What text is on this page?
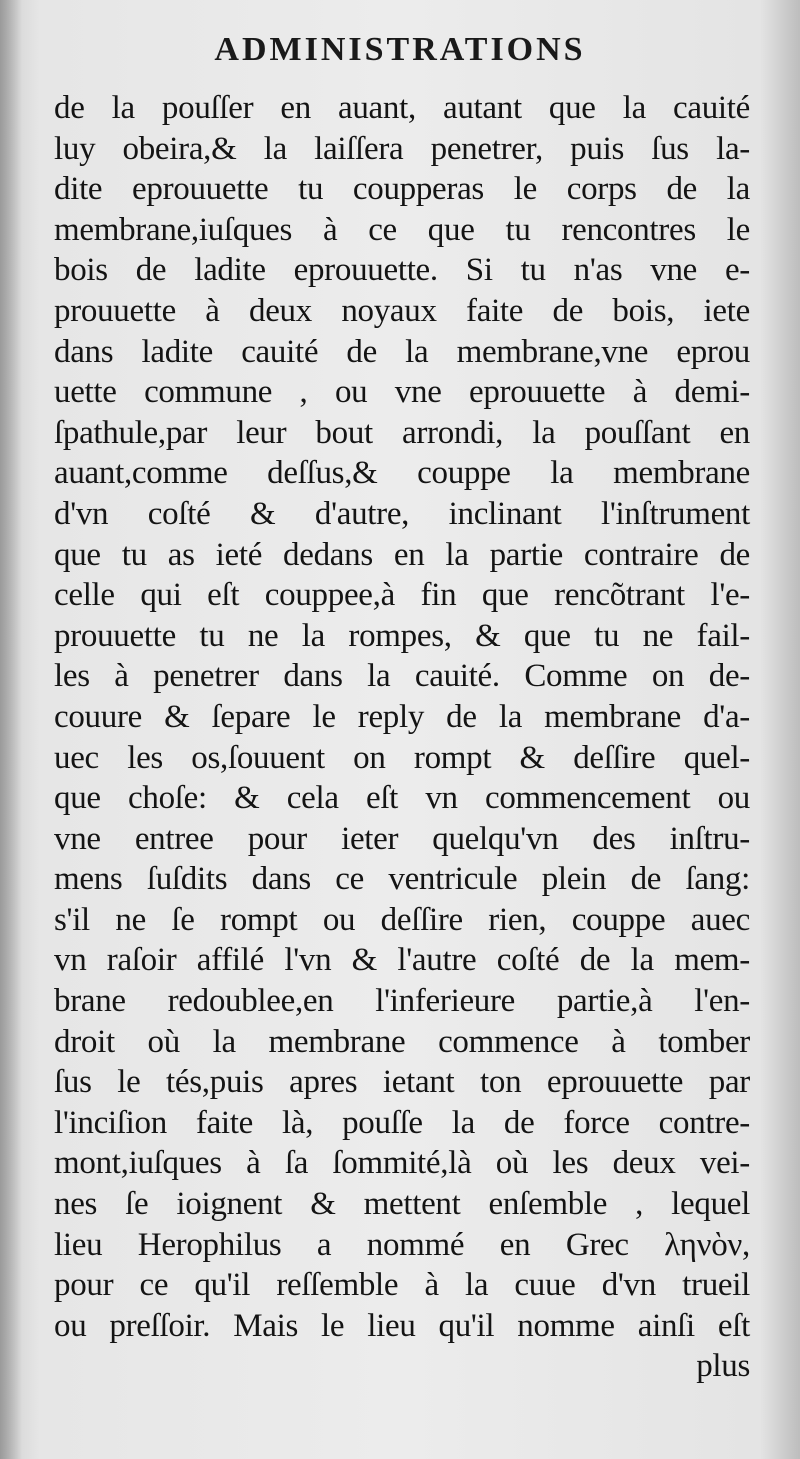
ADMINISTRATIONS
de la pouſſer en auant, autant que la cauité
luy obeira,& la laiſſera penetrer, puis ſus la-
dite eprouuette tu coupperas le corps de la
membrane,iuſques à ce que tu rencontres le
bois de ladite eprouuette. Si tu n'as vne e-
prouuette à deux noyaux faite de bois, iete
dans ladite cauité de la membrane,vne eprou
uette commune , ou vne eprouuette à demi-
ſpathule,par leur bout arrondi, la pouſſant en
auant,comme deſſus,& couppe la membrane
d'vn coſté & d'autre, inclinant l'inſtrument
que tu as ieté dedans en la partie contraire de
celle qui eſt couppee,à fin que rencõtrant l'e-
prouuette tu ne la rompes, & que tu ne fail-
les à penetrer dans la cauité. Comme on de-
couure & ſepare le reply de la membrane d'a-
uec les os,ſouuent on rompt & deſſire quel-
que choſe: & cela eſt vn commencement ou
vne entree pour ieter quelqu'vn des inſtru-
mens ſuſdits dans ce ventricule plein de ſang:
s'il ne ſe rompt ou deſſire rien, couppe auec
vn raſoir affilé l'vn & l'autre coſté de la mem-
brane redoublee,en l'inferieure partie,à l'en-
droit où la membrane commence à tomber
ſus le tés,puis apres ietant ton eprouuette par
l'inciſion faite là, pouſſe la de force contre-
mont,iuſques à ſa ſommité,là où les deux vei-
nes ſe ioignent & mettent enſemble , lequel
lieu Herophilus a nommé en Grec ληνὸν,
pour ce qu'il reſſemble à la cuue d'vn trueil
ou preſſoir. Mais le lieu qu'il nomme ainſi eſt
plus
